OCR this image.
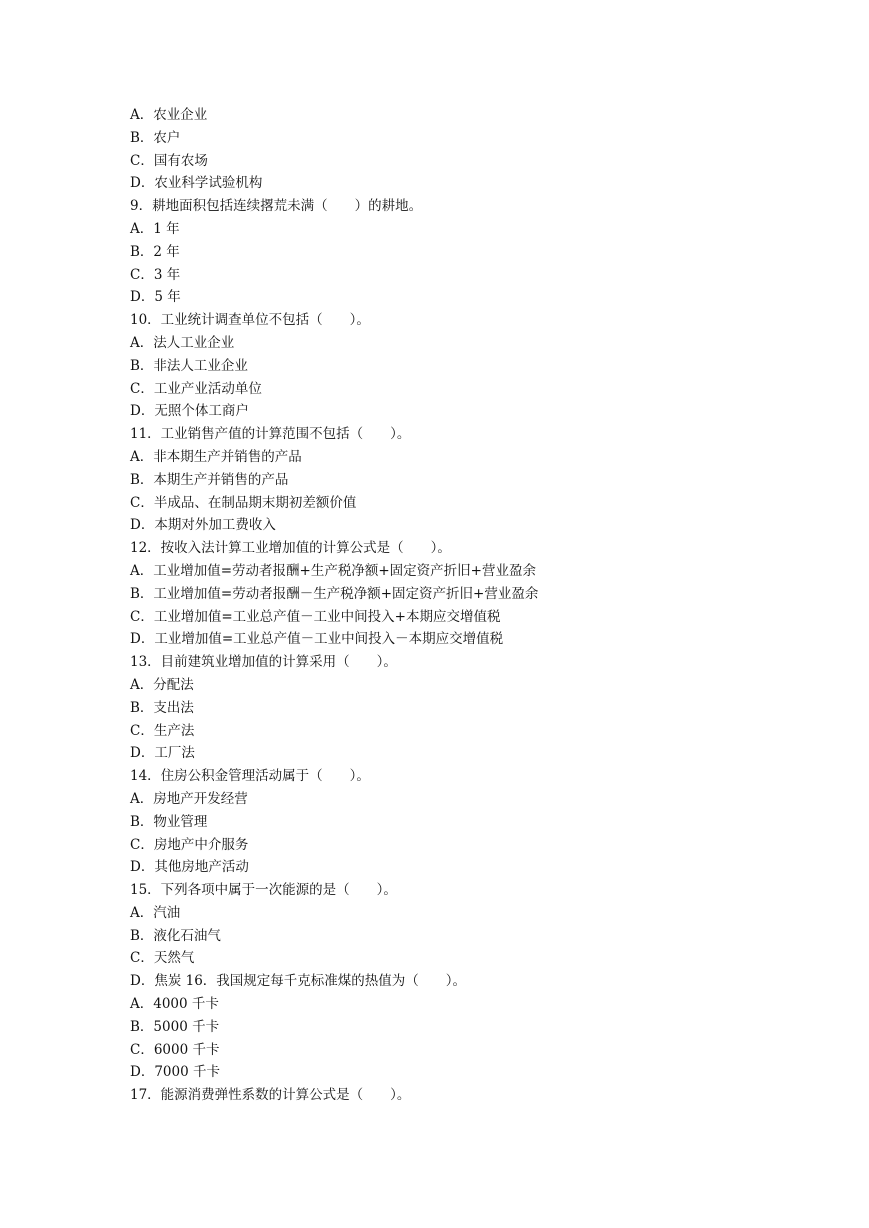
A．农业企业
B．农户
C．国有农场
D．农业科学试验机构
9．耕地面积包括连续撂荒未满（　　）的耕地。
A．1 年
B．2 年
C．3 年
D．5 年
10．工业统计调查单位不包括（　　）。
A．法人工业企业
B．非法人工业企业
C．工业产业活动单位
D．无照个体工商户
11．工业销售产值的计算范围不包括（　　）。
A．非本期生产并销售的产品
B．本期生产并销售的产品
C．半成品、在制品期末期初差额价值
D．本期对外加工费收入
12．按收入法计算工业增加值的计算公式是（　　）。
A．工业增加值=劳动者报酬+生产税净额+固定资产折旧+营业盈余
B．工业增加值=劳动者报酬－生产税净额+固定资产折旧+营业盈余
C．工业增加值=工业总产值－工业中间投入+本期应交增值税
D．工业增加值=工业总产值－工业中间投入－本期应交增值税
13．目前建筑业增加值的计算采用（　　）。
A．分配法
B．支出法
C．生产法
D．工厂法
14．住房公积金管理活动属于（　　）。
A．房地产开发经营
B．物业管理
C．房地产中介服务
D．其他房地产活动
15．下列各项中属于一次能源的是（　　）。
A．汽油
B．液化石油气
C．天然气
D．焦炭 16．我国规定每千克标准煤的热值为（　　）。
A．4000 千卡
B．5000 千卡
C．6000 千卡
D．7000 千卡
17．能源消费弹性系数的计算公式是（　　）。
